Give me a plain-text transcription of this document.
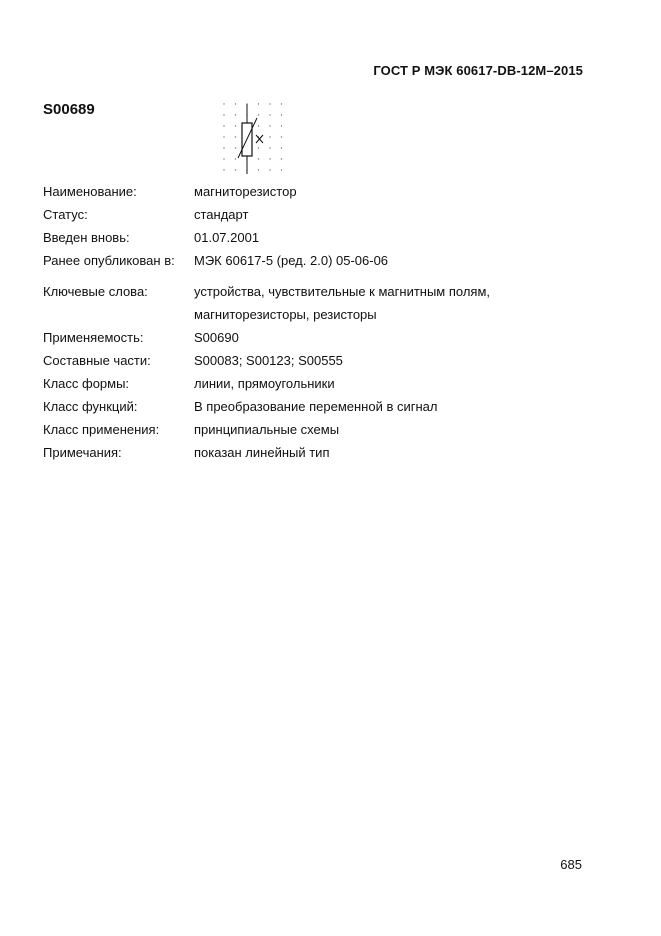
ГОСТ Р МЭК 60617-DB-12M–2015
S00689
Наименование:	магниторезистор
Статус:	стандарт
Введен вновь:	01.07.2001
Ранее опубликован в:	МЭК 60617-5 (ред. 2.0) 05-06-06
Ключевые слова:	устройства, чувствительные к магнитным полям,
магниторезисторы, резисторы
Применяемость:	S00690
Составные части:	S00083; S00123; S00555
Класс формы:	линии, прямоугольники
Класс функций:	В преобразование переменной в сигнал
Класс применения:	принципиальные схемы
Примечания:	показан линейный тип
685
